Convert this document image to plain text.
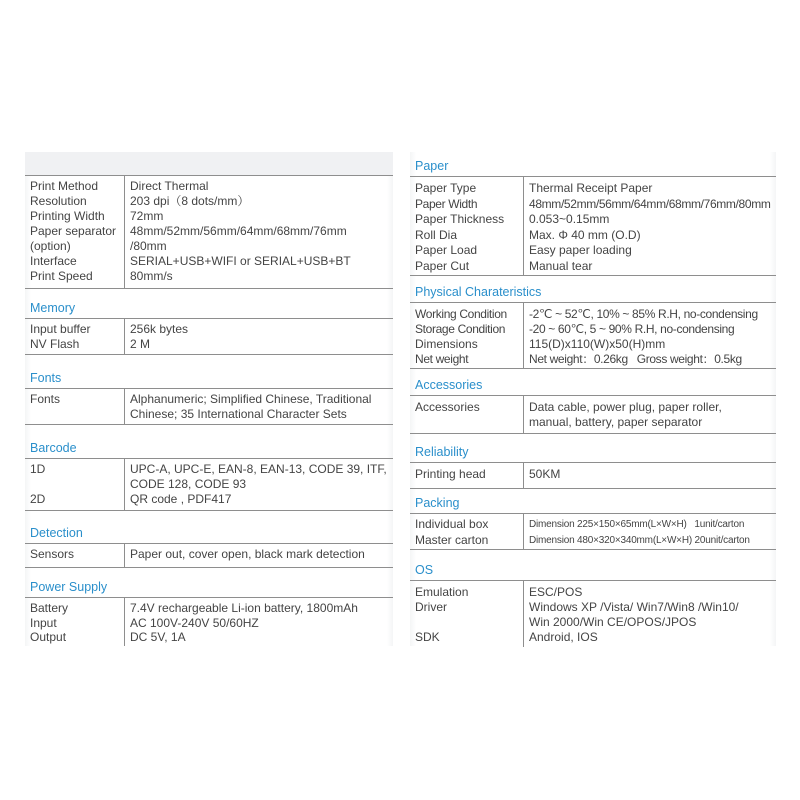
Print Method	Direct Thermal
Resolution	203 dpi（8 dots/mm）
Printing Width	72mm
Paper separator	48mm/52mm/56mm/64mm/68mm/76mm
(option)	/80mm
Interface	SERIAL+USB+WIFI or SERIAL+USB+BT
Print Speed	80mm/s
Memory
Input buffer	256k bytes
NV Flash	2 M
Fonts
Fonts	Alphanumeric; Simplified Chinese, Traditional
Chinese; 35 International Character Sets
Barcode
1D	UPC-A, UPC-E, EAN-8, EAN-13, CODE 39, ITF,
CODE 128, CODE 93
2D	QR code , PDF417
Detection
Sensors	Paper out, cover open, black mark detection
Power Supply
Battery	7.4V rechargeable Li-ion battery, 1800mAh
Input	AC 100V-240V 50/60HZ
Output	DC 5V, 1A
Paper
Paper Type	Thermal Receipt Paper
Paper Width	48mm/52mm/56mm/64mm/68mm/76mm/80mm
Paper Thickness	0.053~0.15mm
Roll Dia	Max. Φ 40 mm (O.D)
Paper Load	Easy paper loading
Paper Cut	Manual tear
Physical Charateristics
Working Condition	-2℃ ~ 52℃, 10% ~ 85% R.H, no-condensing
Storage Condition	-20 ~ 60℃, 5 ~ 90% R.H, no-condensing
Dimensions	115(D)x110(W)x50(H)mm
Net weight	Net weight：0.26kg   Gross weight：0.5kg
Accessories
Accessories	Data cable, power plug, paper roller,
manual, battery, paper separator
Reliability
Printing head	50KM
Packing
Individual box	Dimension 225×150×65mm(L×W×H)   1unit/carton
Master carton	Dimension 480×320×340mm(L×W×H) 20unit/carton
OS
Emulation	ESC/POS
Driver	Windows XP /Vista/ Win7/Win8 /Win10/
Win 2000/Win CE/OPOS/JPOS
SDK	Android, IOS
